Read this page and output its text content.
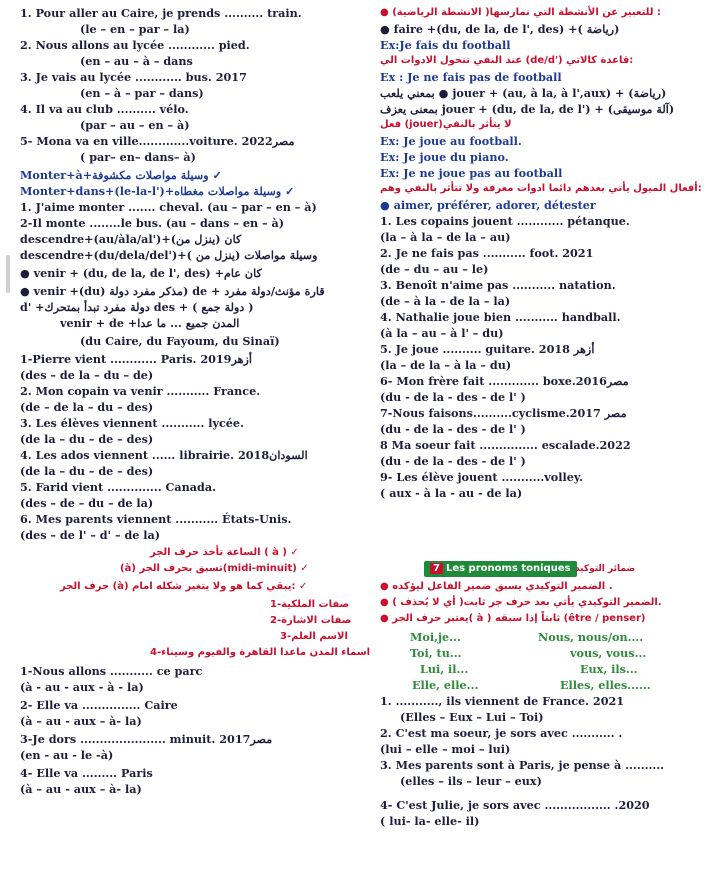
1. Pour aller au Caire, je prends .......... train.
(le – en – par – la)
2. Nous allons au lycée ............ pied.
(en – au – à – dans
3. Je vais au lycée ............ bus. 2017
(en – à – par – dans)
4. Il va au club .......... vélo.
(par – au – en – à)
5- Mona va en ville.............voiture. مصر2022
( par– en– dans– à)
Monter+à+وسيلة مواصلات مكشوفة ✓
Monter+dans+(le-la-l')+وسيلة مواصلات مغطاه ✓
1. J'aime monter ....... cheval. (au – par – en – à)
2-Il monte ........le bus. (au – dans – en – à)
descendre+(au/àla/al')+كان (ينزل من)
descendre+(du/dela/del')+وسيلة مواصلات (ينزل من )
● venir + (du, de la, de l', des) +كان عام
● venir +(du) مذكر مفرد دولة) de + قارة مؤنث/دولة مفرد
d' +دولة مفرد تبدأ بمتحرك des + ( دولة جمع )
venir + de +المدن جميع ... ما عدا
(du Caire, du Fayoum, du Sinaï)
1-Pierre vient ............ Paris. أزهر2019
(des – de la – du – de)
2. Mon copain va venir ........... France.
(de – de la – du – des)
3. Les élèves viennent ........... lycée.
(de la – du – de – des)
4. Les ados viennent ...... librairie. السودان2018
(de la – du – de – des)
5. Farid vient .............. Canada.
(des – de – du – de la)
6. Mes parents viennent ........... États-Unis.
(des – de l' – d' – de la)
الساعة تأخذ حرف الجر ( à ) ✓
(à) تسبق بحرف الجر(midi-minuit) ✓
حرف الجر (à) يبقي كما هو ولا يتغير شكله امام: ✓
1-صفات الملكية
2-صفات الاشارة
3-الاسم العلم
4-اسماء المدن ماعدا القاهرة والفيوم وسيناء
1-Nous allons ........... ce parc
(à - au - aux - à - la)
2- Elle va ............... Caire
(à – au - aux – à- la)
3-Je dors ...................... minuit. 2017مصر
(en - au - le -à)
4- Elle va ......... Paris
(à – au - aux – à- la)
● للتعبير عن الأنشطة التي نمارسها( الانشطة الرياضية) :
● faire +(du, de la, de l', des) +( رياضة)
Ex:Je fais du football
عند النفي تتحول الادوات الي (de/d') قاعدة كالاتي:
Ex : Je ne fais pas de football
بمعني يلعب ● jouer + (au, à la, à l',aux) + (رياضة)
بمعنى يعزف jouer + (du, de la, de l') + (آلة موسيقى)
فعل (jouer)لا يتأثر بالنفي
Ex: Je joue au football.
Ex: Je joue du piano.
Ex: Je ne joue pas au football
أفعال الميول يأتي بعدهم دائما ادوات معرفة ولا تتأثر بالنفي وهم:
● aimer, préférer, adorer, détester
1. Les copains jouent ............ pétanque.
(la – à la – de la – au)
2. Je ne fais pas ........... foot. 2021
(de – du – au – le)
3. Benoît n'aime pas ........... natation.
(de – à la – de la – la)
4. Nathalie joue bien ........... handball.
(à la – au – à l' – du)
5. Je joue .......... guitare. 2018 أزهر
(la – de la – à la – du)
6- Mon frère fait ............. boxe.2016مصر
(du - de la - des - de l' )
7-Nous faisons..........cyclisme.2017 مصر
(du - de la - des - de l' )
8 Ma soeur fait ............... escalade.2022
(du - de la - des - de l' )
9- Les élève jouent ...........volley.
( aux - à la - au - de la)
● الضمير التوكيدي يسبق ضمير الفاعل ليؤكده .
● الضمير التوكيدي يأتي بعد حرف جر ثابت( أي لا يُحذف ).
● يعتبر حرف الجر( à ) ثابتاً إذا سبقه (être / penser)
Moi,je...	Nous, nous/on....
Toi, tu...	vous, vous...
Lui, il...	Eux, ils...
Elle, elle...	Elles, elles......
1. ..........., ils viennent de France. 2021
(Elles – Eux – Lui – Toi)
2. C'est ma soeur, je sors avec ........... .
(lui – elle – moi – lui)
3. Mes parents sont à Paris, je pense à ..........
(elles – ils – leur – eux)
4- C'est Julie, je sors avec ................. .2020
( lui- la- elle- il)
7 Les pronoms toniques ضمائر التوكيد
